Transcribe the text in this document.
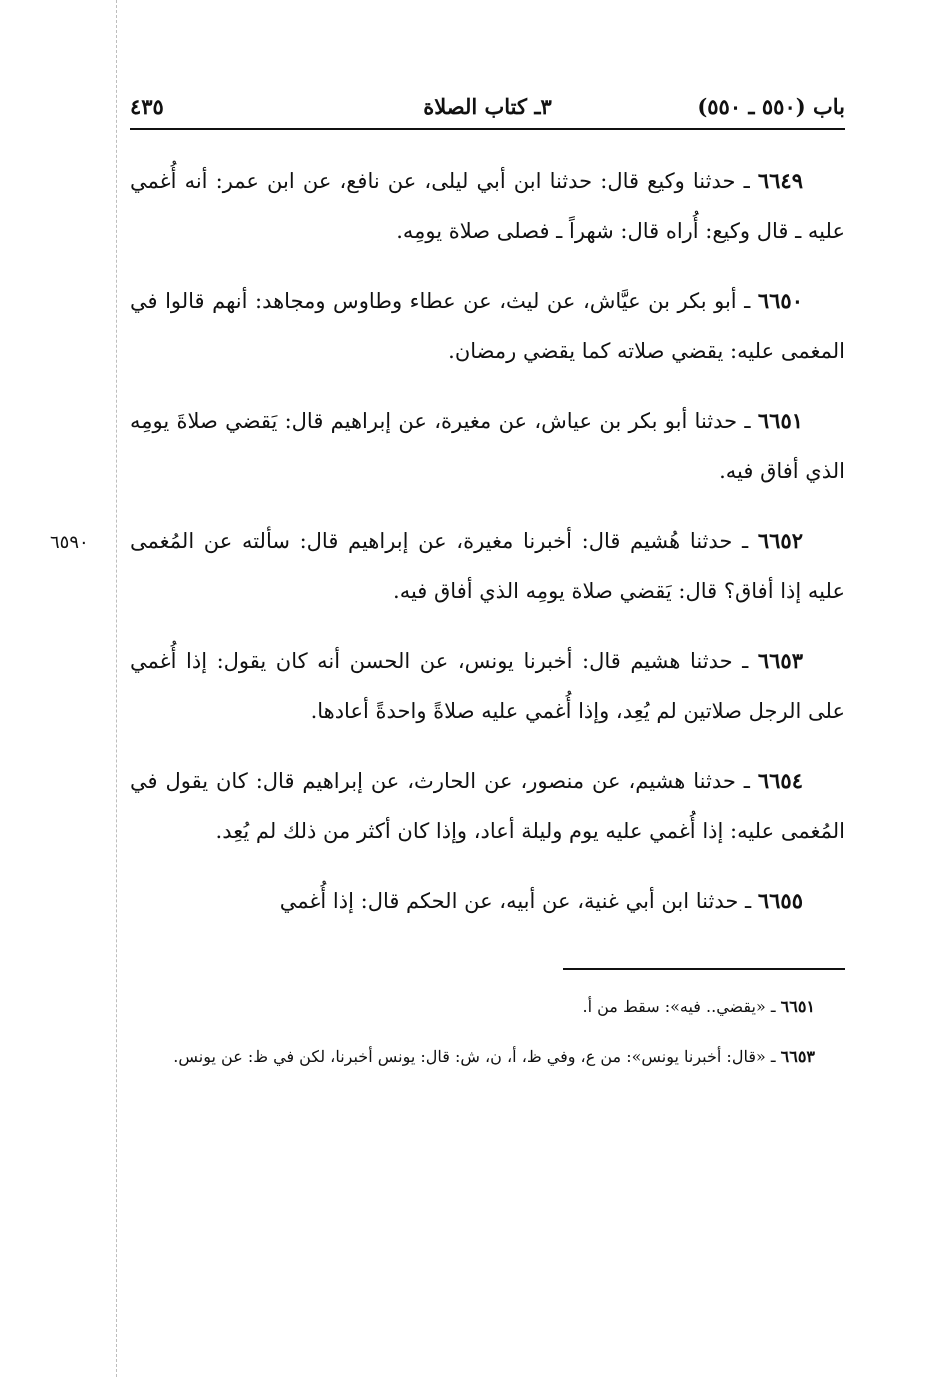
باب (٥٥٠ ـ ٥٥٠)
٣ـ كتاب الصلاة
٤٣٥
٦٦٤٩ ـ حدثنا وكيع قال: حدثنا ابن أبي ليلى، عن نافع، عن ابن عمر: أنه أُغمي عليه ـ قال وكيع: أُراه قال: شهراً ـ فصلى صلاة يومِه.
٦٦٥٠ ـ أبو بكر بن عيَّاش، عن ليث، عن عطاء وطاوس ومجاهد: أنهم قالوا في المغمى عليه: يقضي صلاته كما يقضي رمضان.
٦٦٥١ ـ حدثنا أبو بكر بن عياش، عن مغيرة، عن إبراهيم قال: يَقضي صلاةَ يومِه الذي أفاق فيه.
٦٥٩٠	٦٦٥٢ ـ حدثنا هُشيم قال: أخبرنا مغيرة، عن إبراهيم قال: سألته عن المُغمى عليه إذا أفاق؟ قال: يَقضي صلاة يومِه الذي أفاق فيه.
٦٦٥٣ ـ حدثنا هشيم قال: أخبرنا يونس، عن الحسن أنه كان يقول: إذا أُغمي على الرجل صلاتين لم يُعِد، وإذا أُغمي عليه صلاةً واحدةً أعادها.
٦٦٥٤ ـ حدثنا هشيم، عن منصور، عن الحارث، عن إبراهيم قال: كان يقول في المُغمى عليه: إذا أُغمي عليه يوم وليلة أعاد، وإذا كان أكثر من ذلك لم يُعِد.
٦٦٥٥ ـ حدثنا ابن أبي غنية، عن أبيه، عن الحكم قال: إذا أُغمي
٦٦٥١ ـ «يقضي.. فيه»: سقط من أ.
٦٦٥٣ ـ «قال: أخبرنا يونس»: من ع، وفي ظ، أ، ن، ش: قال: يونس أخبرنا، لكن في ظ: عن يونس.
